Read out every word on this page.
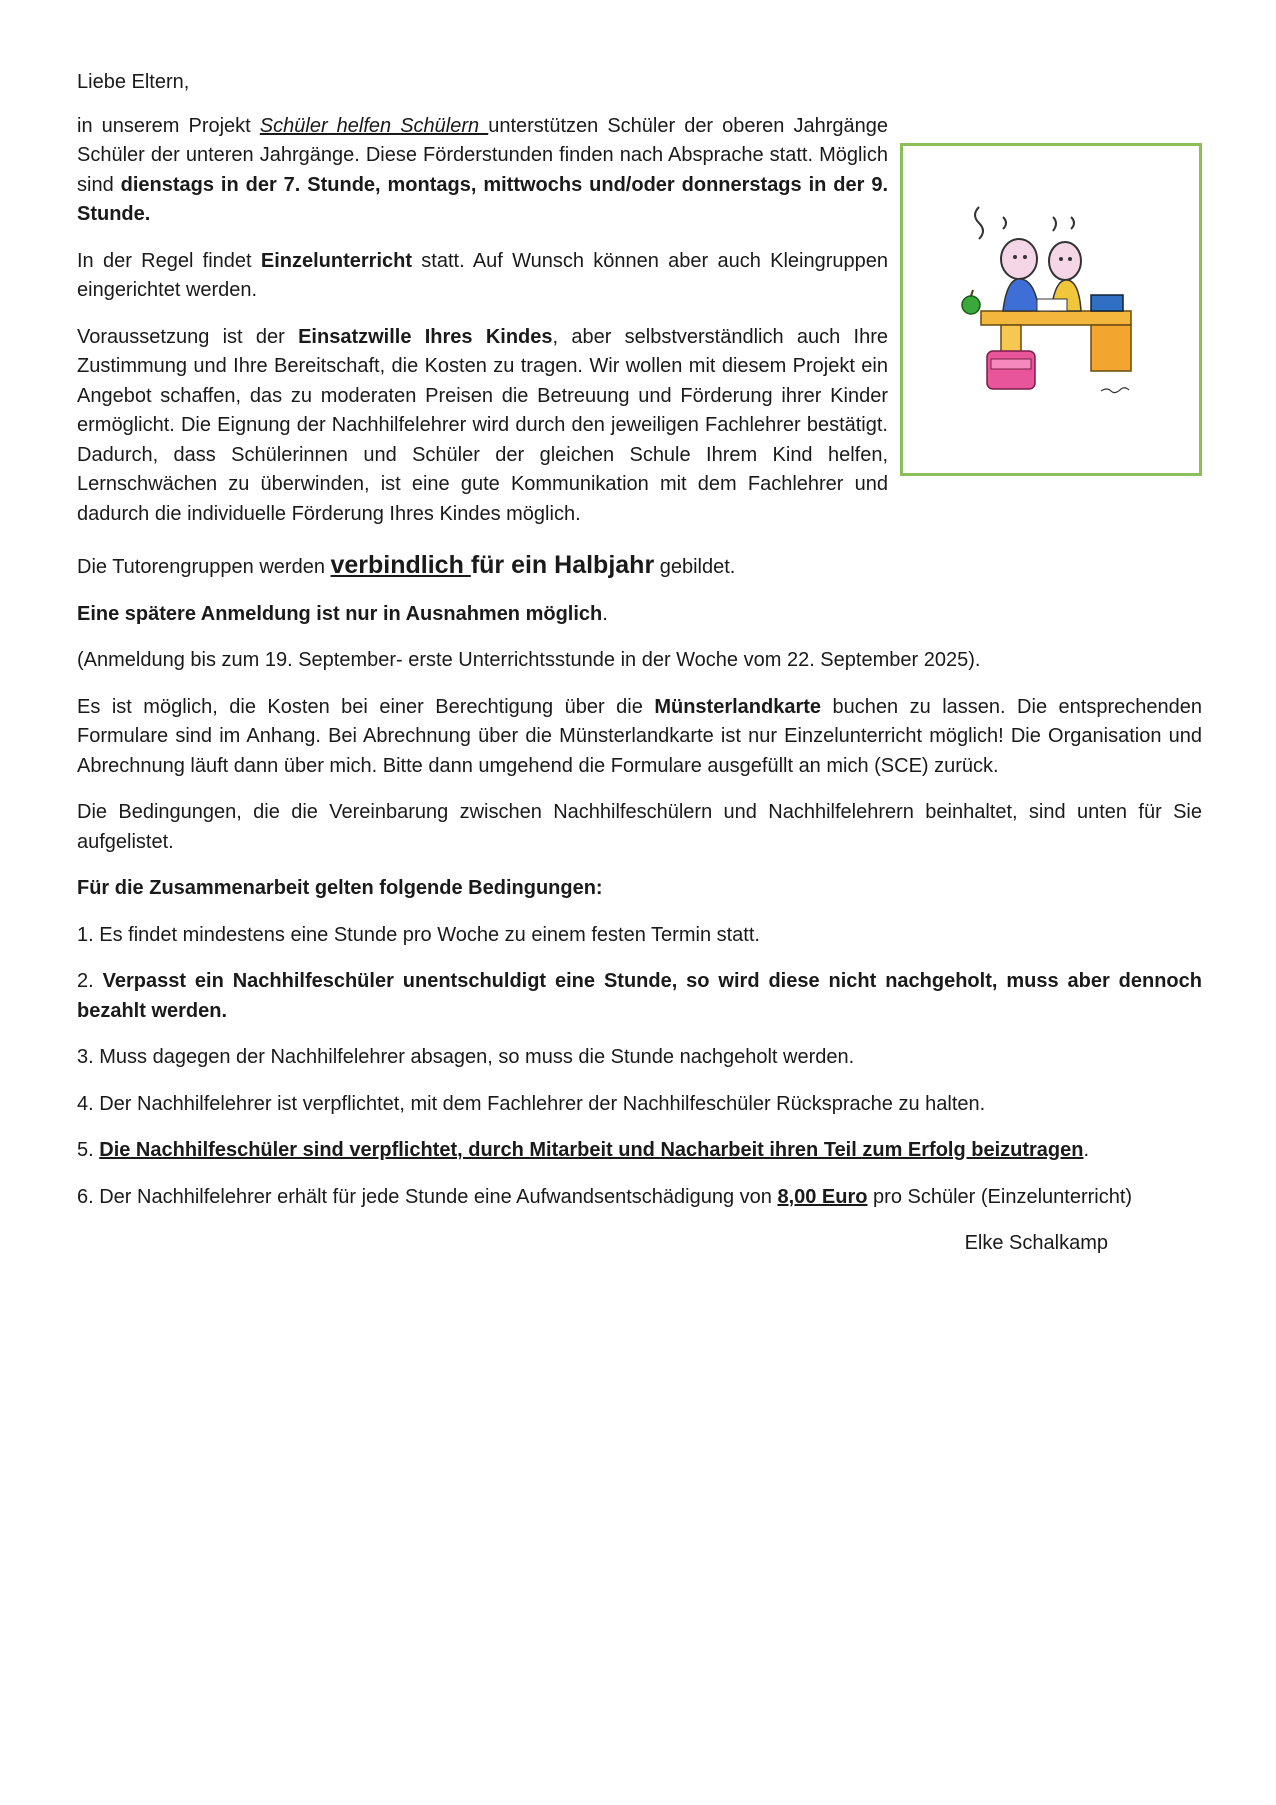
Liebe Eltern,

in unserem Projekt Schüler helfen Schülern unterstützen Schüler der oberen Jahrgänge Schüler der unteren Jahrgänge. Diese Förderstunden finden nach Absprache statt. Möglich sind dienstags in der 7. Stunde, montags, mittwochs und/oder donnerstags in der 9. Stunde.

In der Regel findet Einzelunterricht statt. Auf Wunsch können aber auch Kleingruppen eingerichtet werden.

Voraussetzung ist der Einsatzwille Ihres Kindes, aber selbstverständlich auch Ihre Zustimmung und Ihre Bereitschaft, die Kosten zu tragen. Wir wollen mit diesem Projekt ein Angebot schaffen, das zu moderaten Preisen die Betreuung und Förderung ihrer Kinder ermöglicht. Die Eignung der Nachhilfelehrer wird durch den jeweiligen Fachlehrer bestätigt. Dadurch, dass Schülerinnen und Schüler der gleichen Schule Ihrem Kind helfen, Lernschwächen zu überwinden, ist eine gute Kommunikation mit dem Fachlehrer und dadurch die individuelle Förderung Ihres Kindes möglich.

Die Tutorengruppen werden verbindlich für ein Halbjahr gebildet.

Eine spätere Anmeldung ist nur in Ausnahmen möglich.

(Anmeldung bis zum 19. September- erste Unterrichtsstunde in der Woche vom 22. September 2025).

Es ist möglich, die Kosten bei einer Berechtigung über die Münsterlandkarte buchen zu lassen. Die entsprechenden Formulare sind im Anhang. Bei Abrechnung über die Münsterlandkarte ist nur Einzelunterricht möglich! Die Organisation und Abrechnung läuft dann über mich. Bitte dann umgehend die Formulare ausgefüllt an mich (SCE) zurück.

Die Bedingungen, die die Vereinbarung zwischen Nachhilfeschülern und Nachhilfelehrern beinhaltet, sind unten für Sie aufgelistet.

Für die Zusammenarbeit gelten folgende Bedingungen:

1. Es findet mindestens eine Stunde pro Woche zu einem festen Termin statt.

2. Verpasst ein Nachhilfeschüler unentschuldigt eine Stunde, so wird diese nicht nachgeholt, muss aber dennoch bezahlt werden.

3. Muss dagegen der Nachhilfelehrer absagen, so muss die Stunde nachgeholt werden.

4. Der Nachhilfelehrer ist verpflichtet, mit dem Fachlehrer der Nachhilfeschüler Rücksprache zu halten.

5. Die Nachhilfeschüler sind verpflichtet, durch Mitarbeit und Nacharbeit ihren Teil zum Erfolg beizutragen.

6. Der Nachhilfelehrer erhält für jede Stunde eine Aufwandsentschädigung von 8,00 Euro pro Schüler (Einzelunterricht)

Elke Schalkamp
